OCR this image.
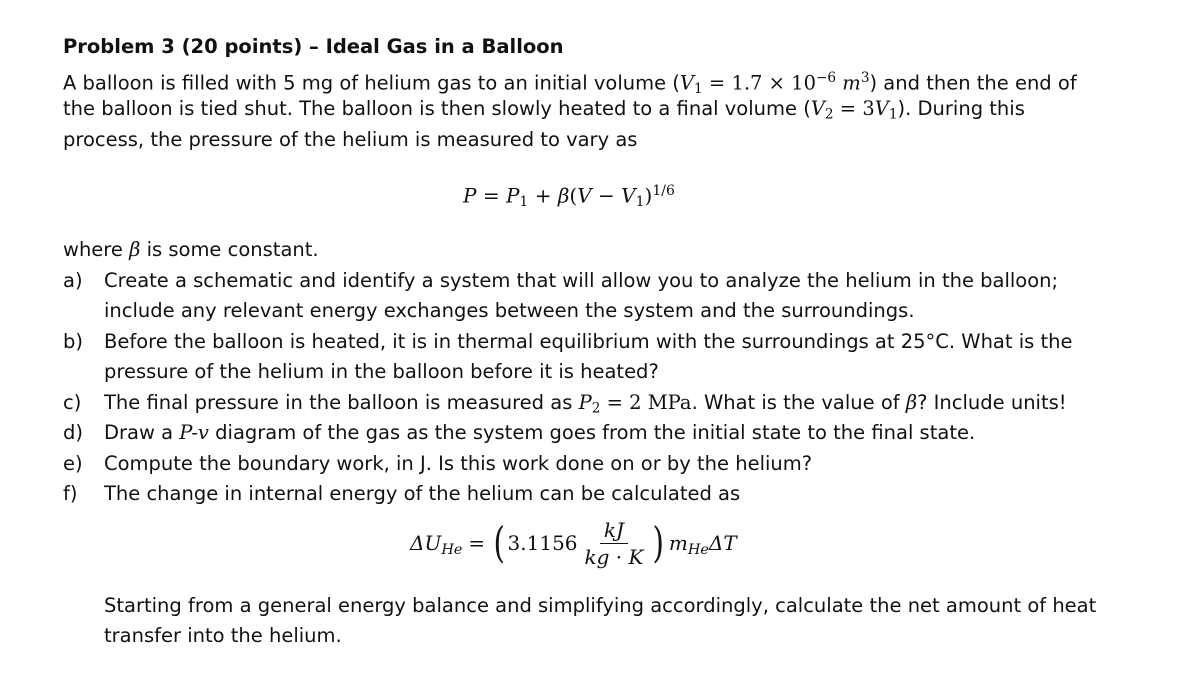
Problem 3 (20 points) – Ideal Gas in a Balloon
A balloon is filled with 5 mg of helium gas to an initial volume ($V_1 = 1.7 \times 10^{-6}$ $m^3$) and then the end of
the balloon is tied shut. The balloon is then slowly heated to a final volume $(V_2 = 3V_1)$. During this
process, the pressure of the helium is measured to vary as
$P = P_1 + \beta(V - V_1)^{1/6}$
where β is some constant.
a) Create a schematic and identify a system that will allow you to analyze the helium in the balloon;
include any relevant energy exchanges between the system and the surroundings.
b) Before the balloon is heated, it is in thermal equilibrium with the surroundings at 25°C. What is the
pressure of the helium in the balloon before it is heated?
c) The final pressure in the balloon is measured as $P_2 = 2$ MPa. What is the value of β? Include units!
d) Draw a P-v diagram of the gas as the system goes from the initial state to the final state.
e) Compute the boundary work, in J. Is this work done on or by the helium?
f) The change in internal energy of the helium can be calculated as
ΔU He = ( $3.1156 \frac{kJ}{kg \cdot K}$ ) m He ΔT
Starting from a general energy balance and simplifying accordingly, calculate the net amount of heat
transfer into the helium.
